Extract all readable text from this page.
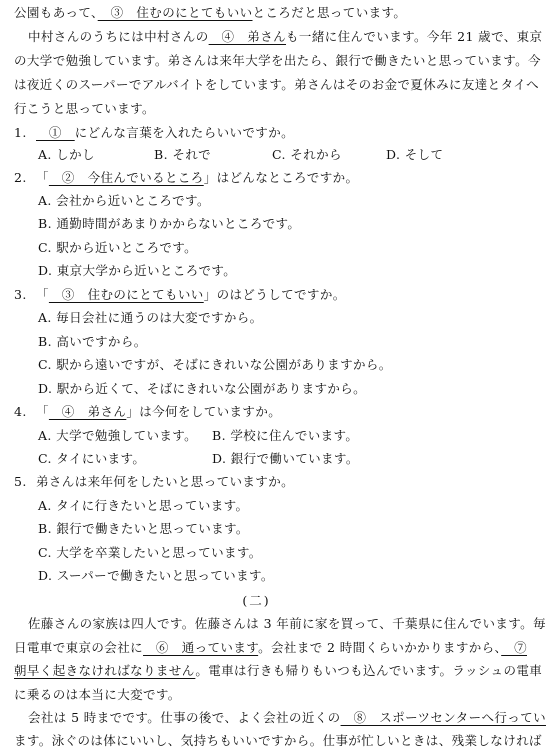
公園もあって、　③　住むのにとてもいいところだと思っています。
中村さんのうちには中村さんの　④　弟さんも一緒に住んでいます。今年 21 歳で、東京
の大学で勉強しています。弟さんは来年大学を出たら、銀行で働きたいと思っています。今
は夜近くのスーパーでアルバイトをしています。弟さんはそのお金で夏休みに友達とタイへ
行こうと思っています。
1.　①　にどんな言葉を入れたらいいですか。
A. しかし	B. それで	C. それから	D. そして
2. 「　②　今住んでいるところ」はどんなところですか。
A. 会社から近いところです。
B. 通勤時間があまりかからないところです。
C. 駅から近いところです。
D. 東京大学から近いところです。
3. 「　③　住むのにとてもいい」のはどうしてですか。
A. 毎日会社に通うのは大変ですから。
B. 高いですから。
C. 駅から遠いですが、そばにきれいな公園がありますから。
D. 駅から近くて、そばにきれいな公園がありますから。
4. 「　④　弟さん」は今何をしていますか。
A. 大学で勉強しています。 B. 学校に住んでいます。
C. タイにいます。	D. 銀行で働いています。
5. 弟さんは来年何をしたいと思っていますか。
A. タイに行きたいと思っています。
B. 銀行で働きたいと思っています。
C. 大学を卒業したいと思っています。
D. スーパーで働きたいと思っています。
(二)
佐藤さんの家族は四人です。佐藤さんは 3 年前に家を買って、千葉県に住んでいます。毎
日電車で東京の会社に　⑥　通っています。会社まで 2 時間くらいかかりますから、　⑦
朝早く起きなければなりません。電車は行きも帰りもいつも込んでいます。ラッシュの電車
に乗るのは本当に大変です。
会社は 5 時までです。仕事の後で、よく会社の近くの　⑧　スポーツセンターへ行ってい
ます。泳ぐのは体にいいし、気持ちもいいですから。仕事が忙しいときは、残業しなければ
